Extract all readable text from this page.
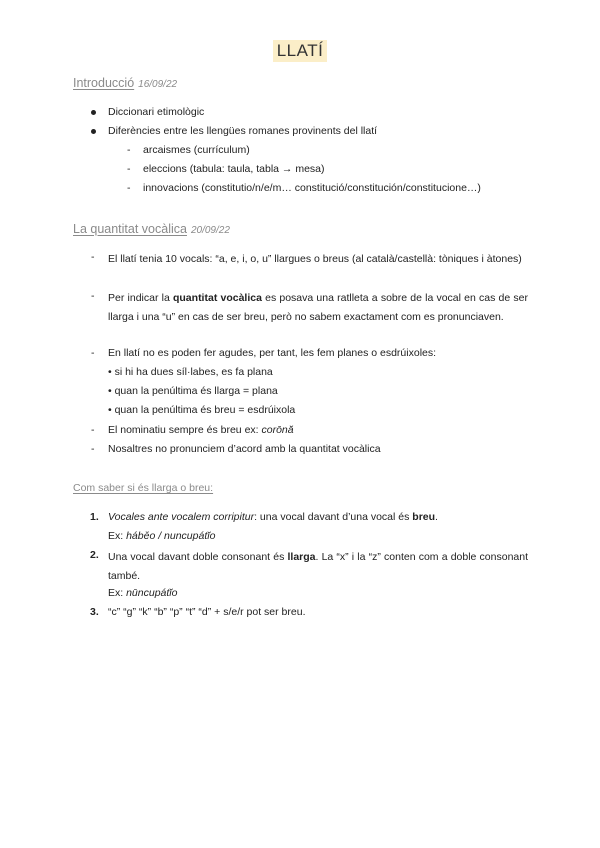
LLATÍ
Introducció 16/09/22
Diccionari etimològic
Diferències entre les llengües romanes provinents del llatí
- arcaismes (currículum)
- eleccions (tabula: taula, tabla → mesa)
- innovacions (constitutio/n/e/m… constitució/constitución/constitucione…)
La quantitat vocàlica 20/09/22
- El llatí tenia 10 vocals: “a, e, i, o, u” llargues o breus (al català/castellà: tòniques i àtones)
- Per indicar la quantitat vocàlica es posava una ratlleta a sobre de la vocal en cas de ser llarga i una “u” en cas de ser breu, però no sabem exactament com es pronunciaven.
- En llatí no es poden fer agudes, per tant, les fem planes o esdrúixoles:
• si hi ha dues síl·labes, es fa plana
• quan la penúltima és llarga = plana
• quan la penúltima és breu = esdrúixola
- El nominatiu sempre és breu ex: corōnă
- Nosaltres no pronunciem d’acord amb la quantitat vocàlica
Com saber si és llarga o breu:
1. Vocales ante vocalem corripitur: una vocal davant d’una vocal és breu.
Ex: hábĕo / nuncupátĭo
2. Una vocal davant doble consonant és llarga. La “x” i la “z” conten com a doble consonant també.
Ex: nūncupátĭo
3. “c” “g” “k” “b” “p” “t” “d” + s/e/r pot ser breu.
